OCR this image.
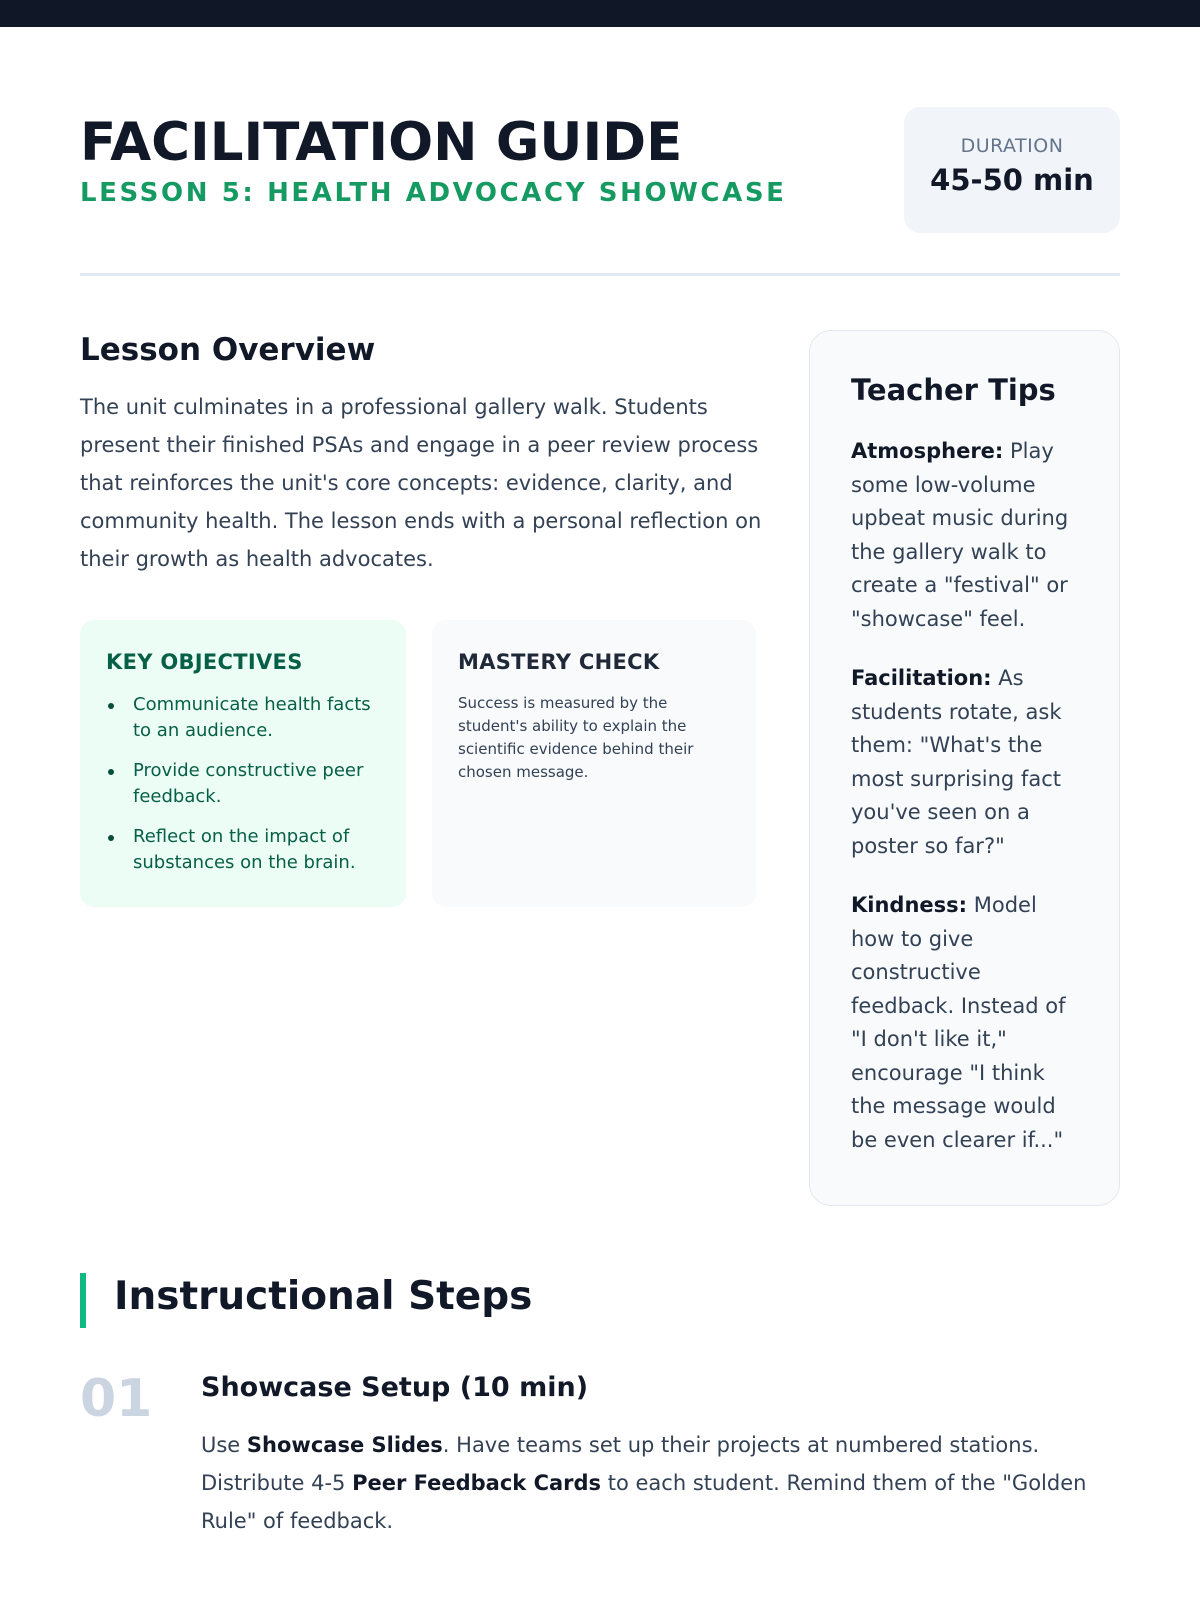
FACILITATION GUIDE
LESSON 5: HEALTH ADVOCACY SHOWCASE
DURATION
45-50 min
Lesson Overview

The unit culminates in a professional gallery walk. Students present their finished PSAs and engage in a peer review process that reinforces the unit's core concepts: evidence, clarity, and community health. The lesson ends with a personal reflection on their growth as health advocates.

KEY OBJECTIVES
Communicate health facts to an audience.
Provide constructive peer feedback.
Reflect on the impact of substances on the brain.
MASTERY CHECK

Success is measured by the student's ability to explain the scientific evidence behind their chosen message.

Teacher Tips

Atmosphere: Play some low-volume upbeat music during the gallery walk to create a "festival" or "showcase" feel.

Facilitation: As students rotate, ask them: "What's the most surprising fact you've seen on a poster so far?"

Kindness: Model how to give constructive feedback. Instead of "I don't like it," encourage "I think the message would be even clearer if..."

Instructional Steps
01 Showcase Setup (10 min)

Use Showcase Slides. Have teams set up their projects at numbered stations. Distribute 4-5 Peer Feedback Cards to each student. Remind them of the "Golden Rule" of feedback.
